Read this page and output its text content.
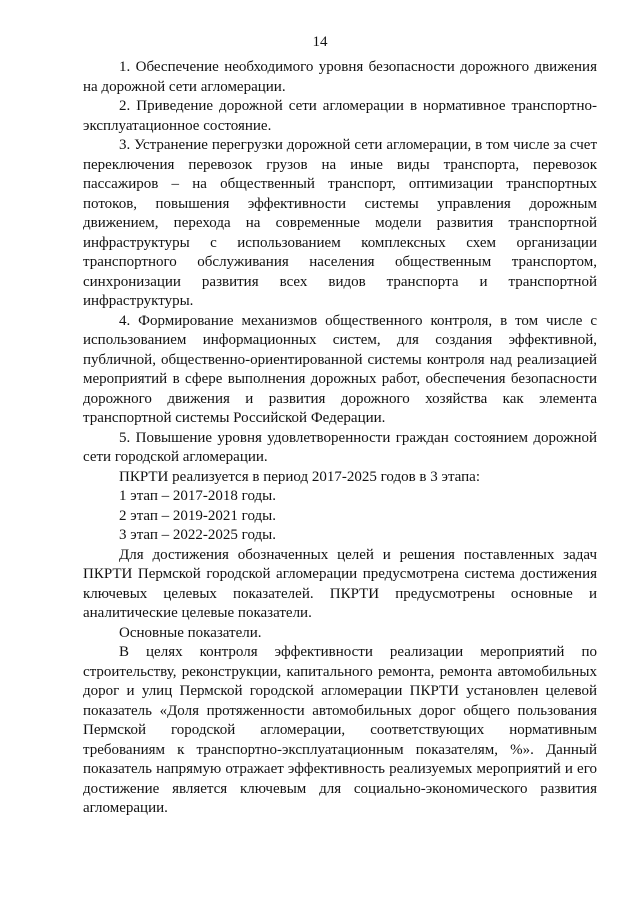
14

1. Обеспечение необходимого уровня безопасности дорожного движения на дорожной сети агломерации.

2. Приведение дорожной сети агломерации в нормативное транспортно-эксплуатационное состояние.

3. Устранение перегрузки дорожной сети агломерации, в том числе за счет переключения перевозок грузов на иные виды транспорта, перевозок пассажиров – на общественный транспорт, оптимизации транспортных потоков, повышения эффективности системы управления дорожным движением, перехода на современные модели развития транспортной инфраструктуры с использованием комплексных схем организации транспортного обслуживания населения общественным транспортом, синхронизации развития всех видов транспорта и транспортной инфраструктуры.

4. Формирование механизмов общественного контроля, в том числе с использованием информационных систем, для создания эффективной, публичной, общественно-ориентированной системы контроля над реализацией мероприятий в сфере выполнения дорожных работ, обеспечения безопасности дорожного движения и развития дорожного хозяйства как элемента транспортной системы Российской Федерации.

5. Повышение уровня удовлетворенности граждан состоянием дорожной сети городской агломерации.

ПКРТИ реализуется в период 2017-2025 годов в 3 этапа:

1 этап – 2017-2018 годы.

2 этап – 2019-2021 годы.

3 этап – 2022-2025 годы.

Для достижения обозначенных целей и решения поставленных задач ПКРТИ Пермской городской агломерации предусмотрена система достижения ключевых целевых показателей. ПКРТИ предусмотрены основные и аналитические целевые показатели.

Основные показатели.

В целях контроля эффективности реализации мероприятий по строительству, реконструкции, капитального ремонта, ремонта автомобильных дорог и улиц Пермской городской агломерации ПКРТИ установлен целевой показатель «Доля протяженности автомобильных дорог общего пользования Пермской городской агломерации, соответствующих нормативным требованиям к транспортно-эксплуатационным показателям, %». Данный показатель напрямую отражает эффективность реализуемых мероприятий и его достижение является ключевым для социально-экономического развития агломерации.
